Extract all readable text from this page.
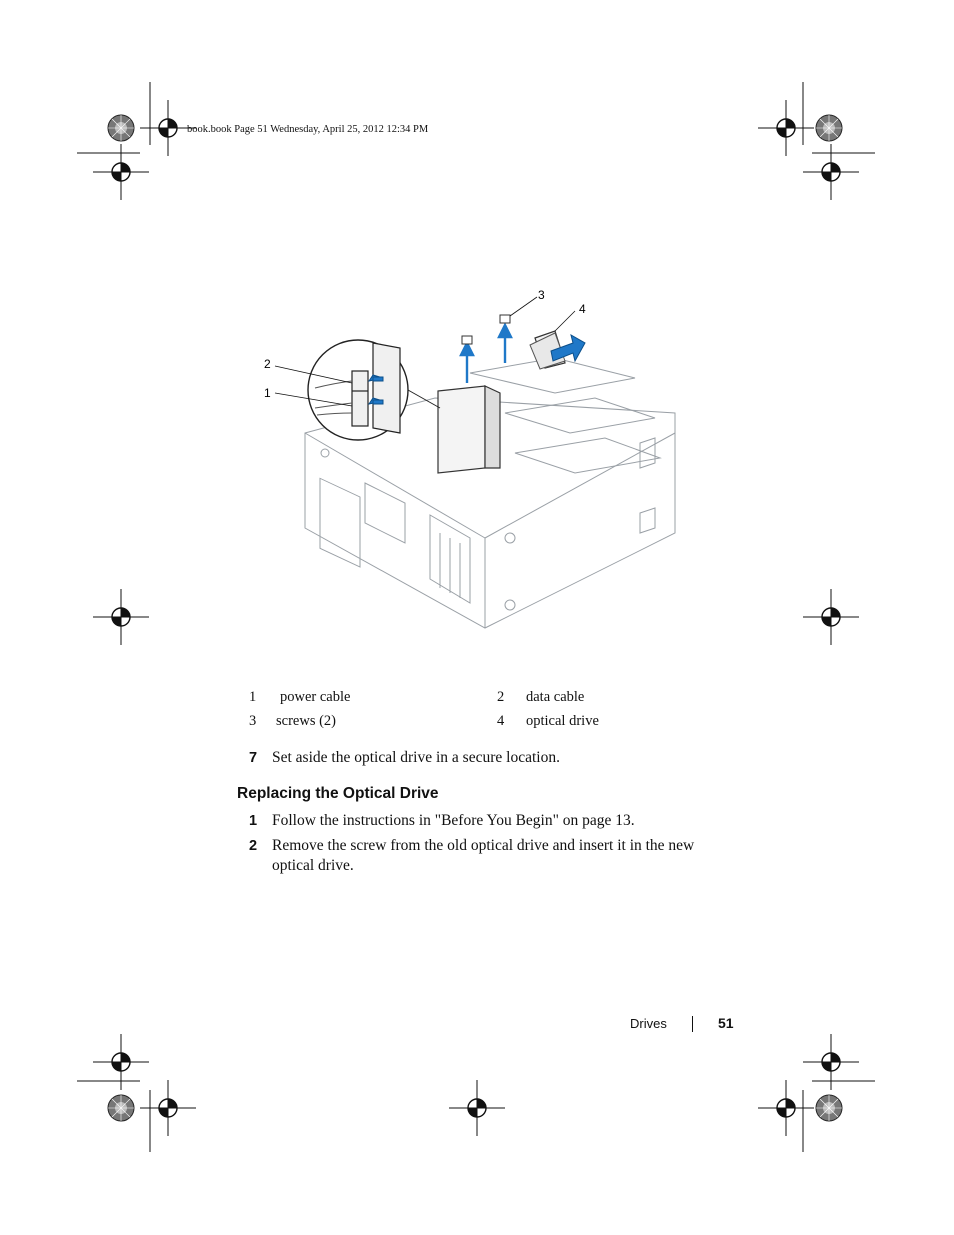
book.book Page 51 Wednesday, April 25, 2012 12:34 PM
2
1
3
4
1 power cable	2 data cable
3 screws (2)	4 optical drive
7 Set aside the optical drive in a secure location.
Replacing the Optical Drive
1 Follow the instructions in "Before You Begin" on page 13.
2 Remove the screw from the old optical drive and insert it in the new optical drive.
Drives	51
